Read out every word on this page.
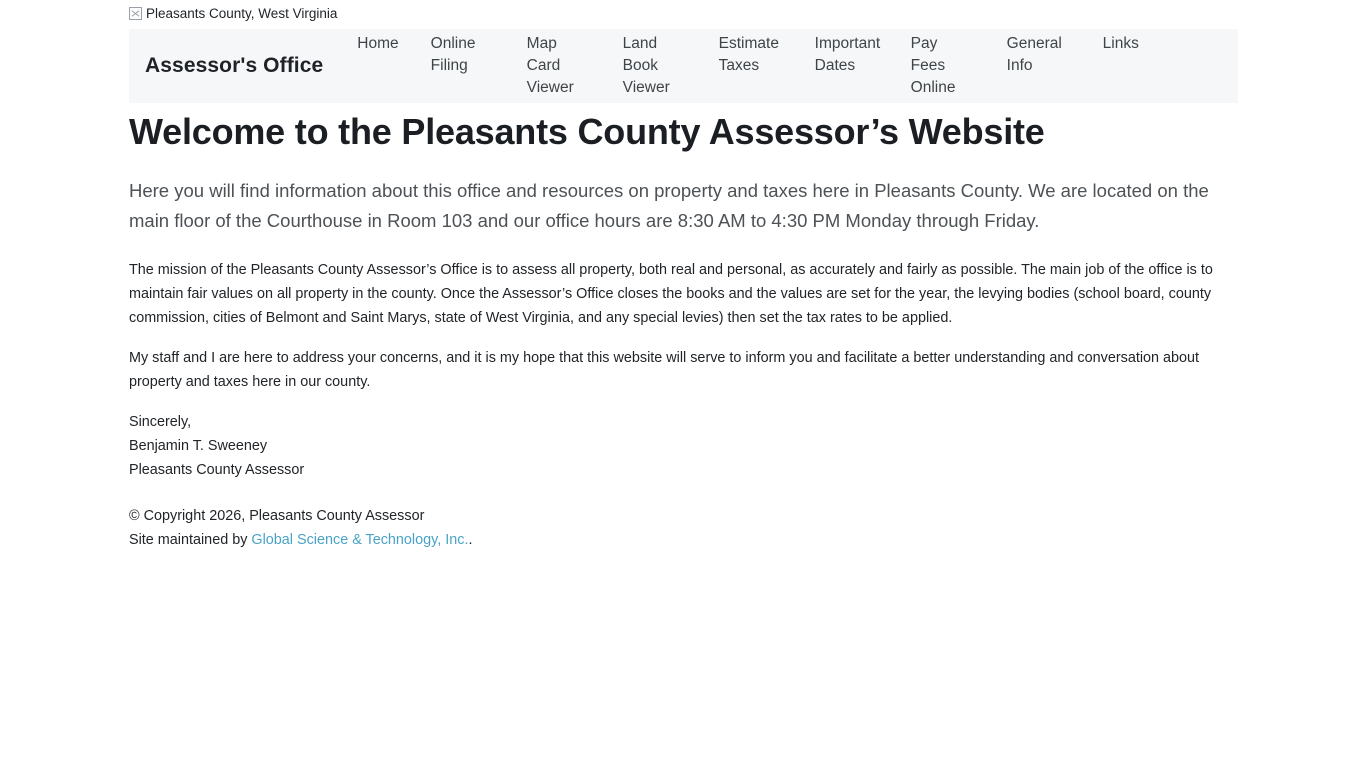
Pleasants County, West Virginia
Assessor's Office
Home	Online Filing
Map Card Viewer
Land Book Viewer
Estimate Taxes
Important Dates
Pay Fees Online
General Info
Links
Welcome to the Pleasants County Assessor’s Website

Here you will find information about this office and resources on property and taxes here in Pleasants County. We are located on the main floor of the Courthouse in Room 103 and our office hours are 8:30 AM to 4:30 PM Monday through Friday.

The mission of the Pleasants County Assessor’s Office is to assess all property, both real and personal, as accurately and fairly as possible. The main job of the office is to maintain fair values on all property in the county. Once the Assessor’s Office closes the books and the values are set for the year, the levying bodies (school board, county commission, cities of Belmont and Saint Marys, state of West Virginia, and any special levies) then set the tax rates to be applied.

My staff and I are here to address your concerns, and it is my hope that this website will serve to inform you and facilitate a better understanding and conversation about property and taxes here in our county.

Sincerely,
Benjamin T. Sweeney
Pleasants County Assessor
© Copyright 2026, Pleasants County Assessor
Site maintained by Global Science & Technology, Inc..
